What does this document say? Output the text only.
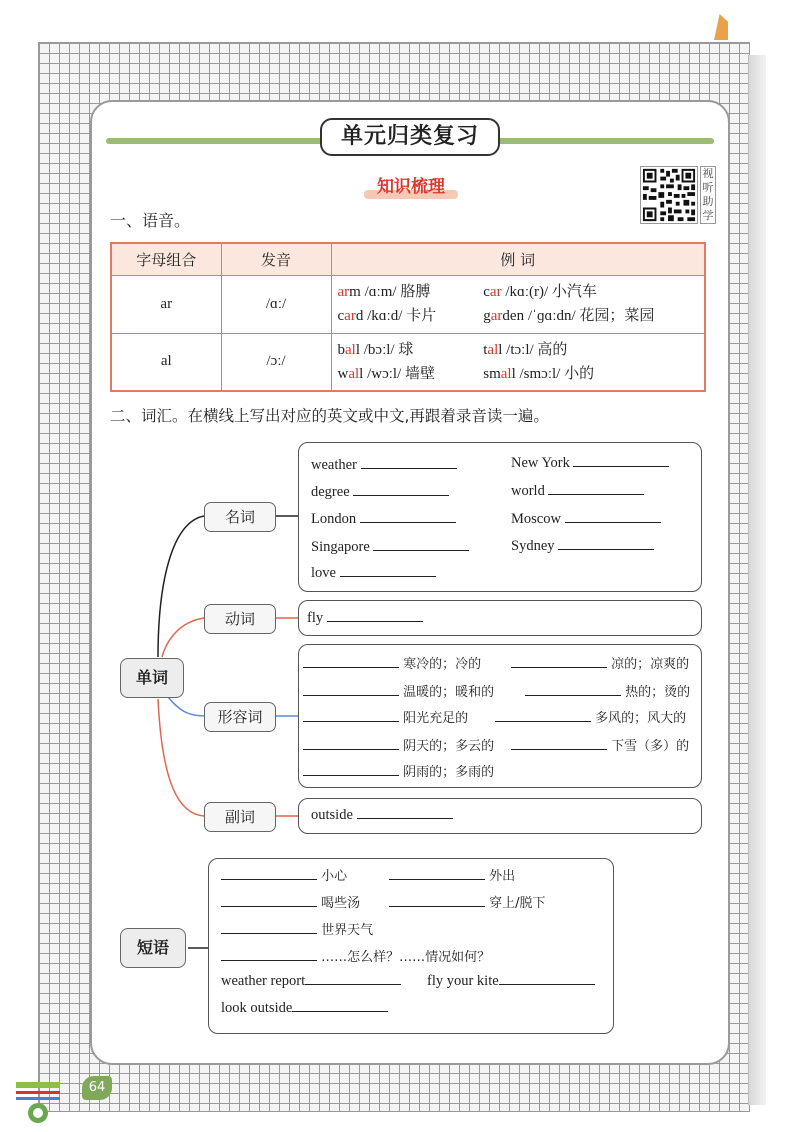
单元归类复习
知识梳理
视听助学
一、语音。
字母组合	发音	例 词
ar	/ɑː/	arm /ɑːm/ 胳膊 car /kɑː(r)/ 小汽车
card /kɑːd/ 卡片 garden /ˈɡɑːdn/ 花园；菜园
al	/ɔː/	ball /bɔːl/ 球 tall /tɔːl/ 高的
wall /wɔːl/ 墙壁 small /smɔːl/ 小的
二、词汇。在横线上写出对应的英文或中文,再跟着录音读一遍。
单词
名词
动词
形容词
副词
短语
weather	New York
degree	world
London	Moscow
Singapore	Sydney
love
fly
寒冷的；冷的	凉的；凉爽的
温暖的；暖和的	热的；烫的
阳光充足的	多风的；风大的
阴天的；多云的	下雪（多）的
阴雨的；多雨的
outside
小心	外出
喝些汤	穿上/脱下
世界天气
……怎么样？……情况如何？
weather report	fly your kite
look outside
64
